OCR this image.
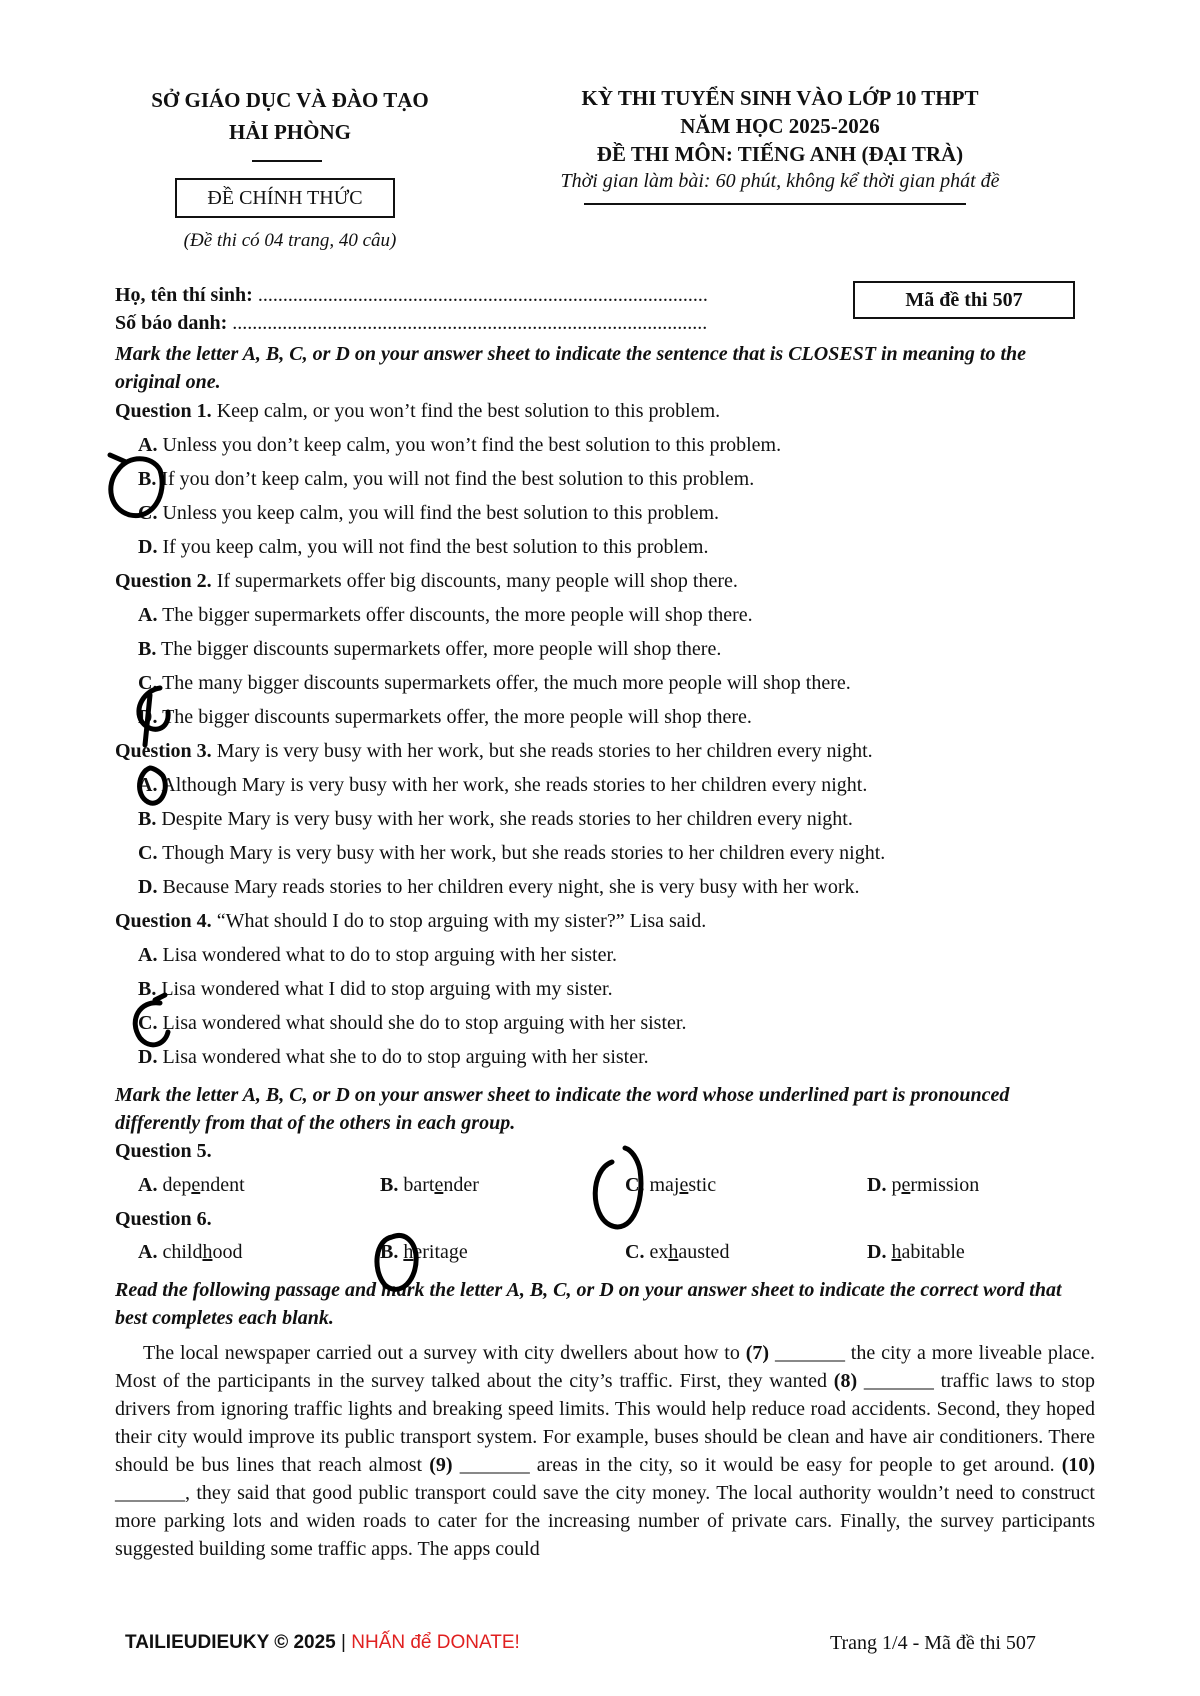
SỞ GIÁO DỤC VÀ ĐÀO TẠO
HẢI PHÒNG
ĐỀ CHÍNH THỨC
(Đề thi có 04 trang, 40 câu)
KỲ THI TUYỂN SINH VÀO LỚP 10 THPT
NĂM HỌC 2025-2026
ĐỀ THI MÔN: TIẾNG ANH (ĐẠI TRÀ)
Thời gian làm bài: 60 phút, không kể thời gian phát đề
Mã đề thi 507
Họ, tên thí sinh: ..........................................................................................
Số báo danh: ...............................................................................................
Mark the letter A, B, C, or D on your answer sheet to indicate the sentence that is CLOSEST in meaning to the original one.
Question 1. Keep calm, or you won’t find the best solution to this problem.
A. Unless you don’t keep calm, you won’t find the best solution to this problem.
B. If you don’t keep calm, you will not find the best solution to this problem.
C. Unless you keep calm, you will find the best solution to this problem.
D. If you keep calm, you will not find the best solution to this problem.
Question 2. If supermarkets offer big discounts, many people will shop there.
A. The bigger supermarkets offer discounts, the more people will shop there.
B. The bigger discounts supermarkets offer, more people will shop there.
C. The many bigger discounts supermarkets offer, the much more people will shop there.
D. The bigger discounts supermarkets offer, the more people will shop there.
Question 3. Mary is very busy with her work, but she reads stories to her children every night.
A. Although Mary is very busy with her work, she reads stories to her children every night.
B. Despite Mary is very busy with her work, she reads stories to her children every night.
C. Though Mary is very busy with her work, but she reads stories to her children every night.
D. Because Mary reads stories to her children every night, she is very busy with her work.
Question 4. “What should I do to stop arguing with my sister?” Lisa said.
A. Lisa wondered what to do to stop arguing with her sister.
B. Lisa wondered what I did to stop arguing with my sister.
C. Lisa wondered what should she do to stop arguing with her sister.
D. Lisa wondered what she to do to stop arguing with her sister.
Mark the letter A, B, C, or D on your answer sheet to indicate the word whose underlined part is pronounced differently from that of the others in each group.
Question 5.
A. dependent	B. bartender	C. majestic	D. permission
Question 6.
A. childhood	B. heritage	C. exhausted	D. habitable
Read the following passage and mark the letter A, B, C, or D on your answer sheet to indicate the correct word that best completes each blank.
The local newspaper carried out a survey with city dwellers about how to (7) _______ the city a more liveable place. Most of the participants in the survey talked about the city’s traffic. First, they wanted (8) _______ traffic laws to stop drivers from ignoring traffic lights and breaking speed limits. This would help reduce road accidents. Second, they hoped their city would improve its public transport system. For example, buses should be clean and have air conditioners. There should be bus lines that reach almost (9) _______ areas in the city, so it would be easy for people to get around. (10) _______, they said that good public transport could save the city money. The local authority wouldn’t need to construct more parking lots and widen roads to cater for the increasing number of private cars. Finally, the survey participants suggested building some traffic apps. The apps could
TAILIEUDIEUKY © 2025 | NHẤN để DONATE!	Trang 1/4 - Mã đề thi 507
